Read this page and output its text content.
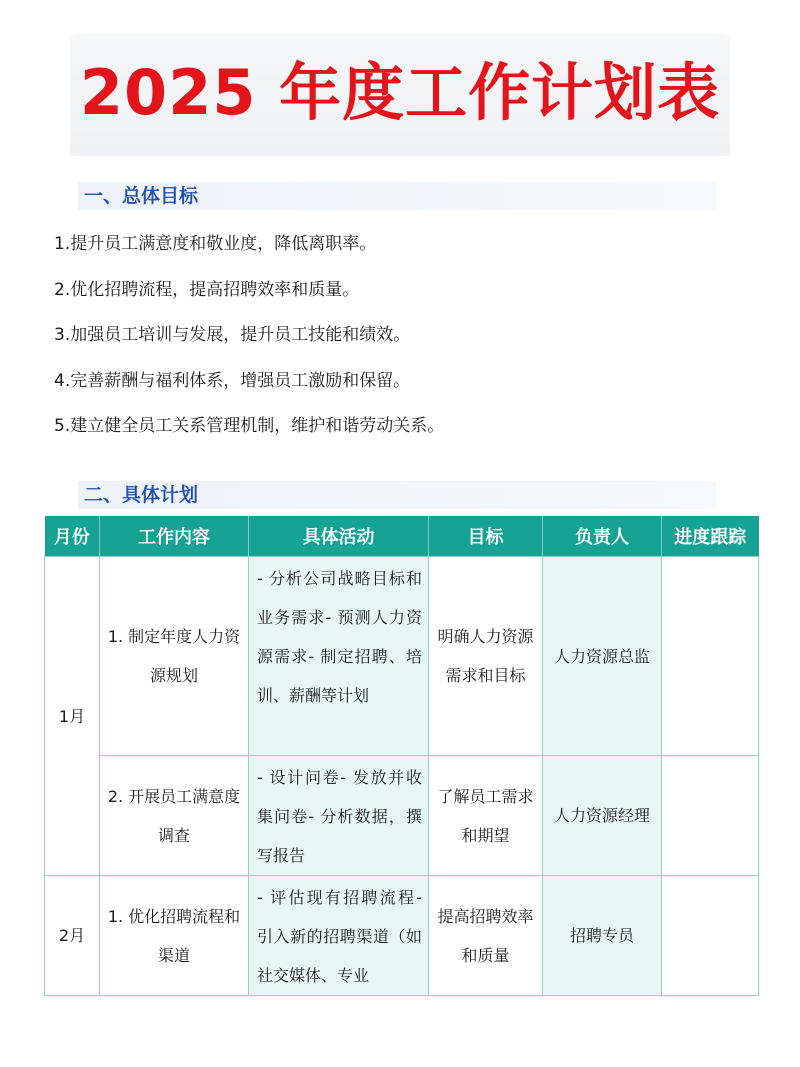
2025 年度工作计划表
一、总体目标
1.提升员工满意度和敬业度，降低离职率。
2.优化招聘流程，提高招聘效率和质量。
3.加强员工培训与发展，提升员工技能和绩效。
4.完善薪酬与福利体系，增强员工激励和保留。
5.建立健全员工关系管理机制，维护和谐劳动关系。
二、具体计划
月份	工作内容	具体活动	目标	负责人	进度跟踪
1月	1. 制定年度人力资源规划	- 分析公司战略目标和业务需求- 预测人力资源需求- 制定招聘、培训、薪酬等计划	明确人力资源需求和目标	人力资源总监	
	2. 开展员工满意度调查	- 设计问卷- 发放并收集问卷- 分析数据，撰写报告	了解员工需求和期望	人力资源经理	
2月	1. 优化招聘流程和渠道	- 评估现有招聘流程- 引入新的招聘渠道（如社交媒体、专业	提高招聘效率和质量	招聘专员	
